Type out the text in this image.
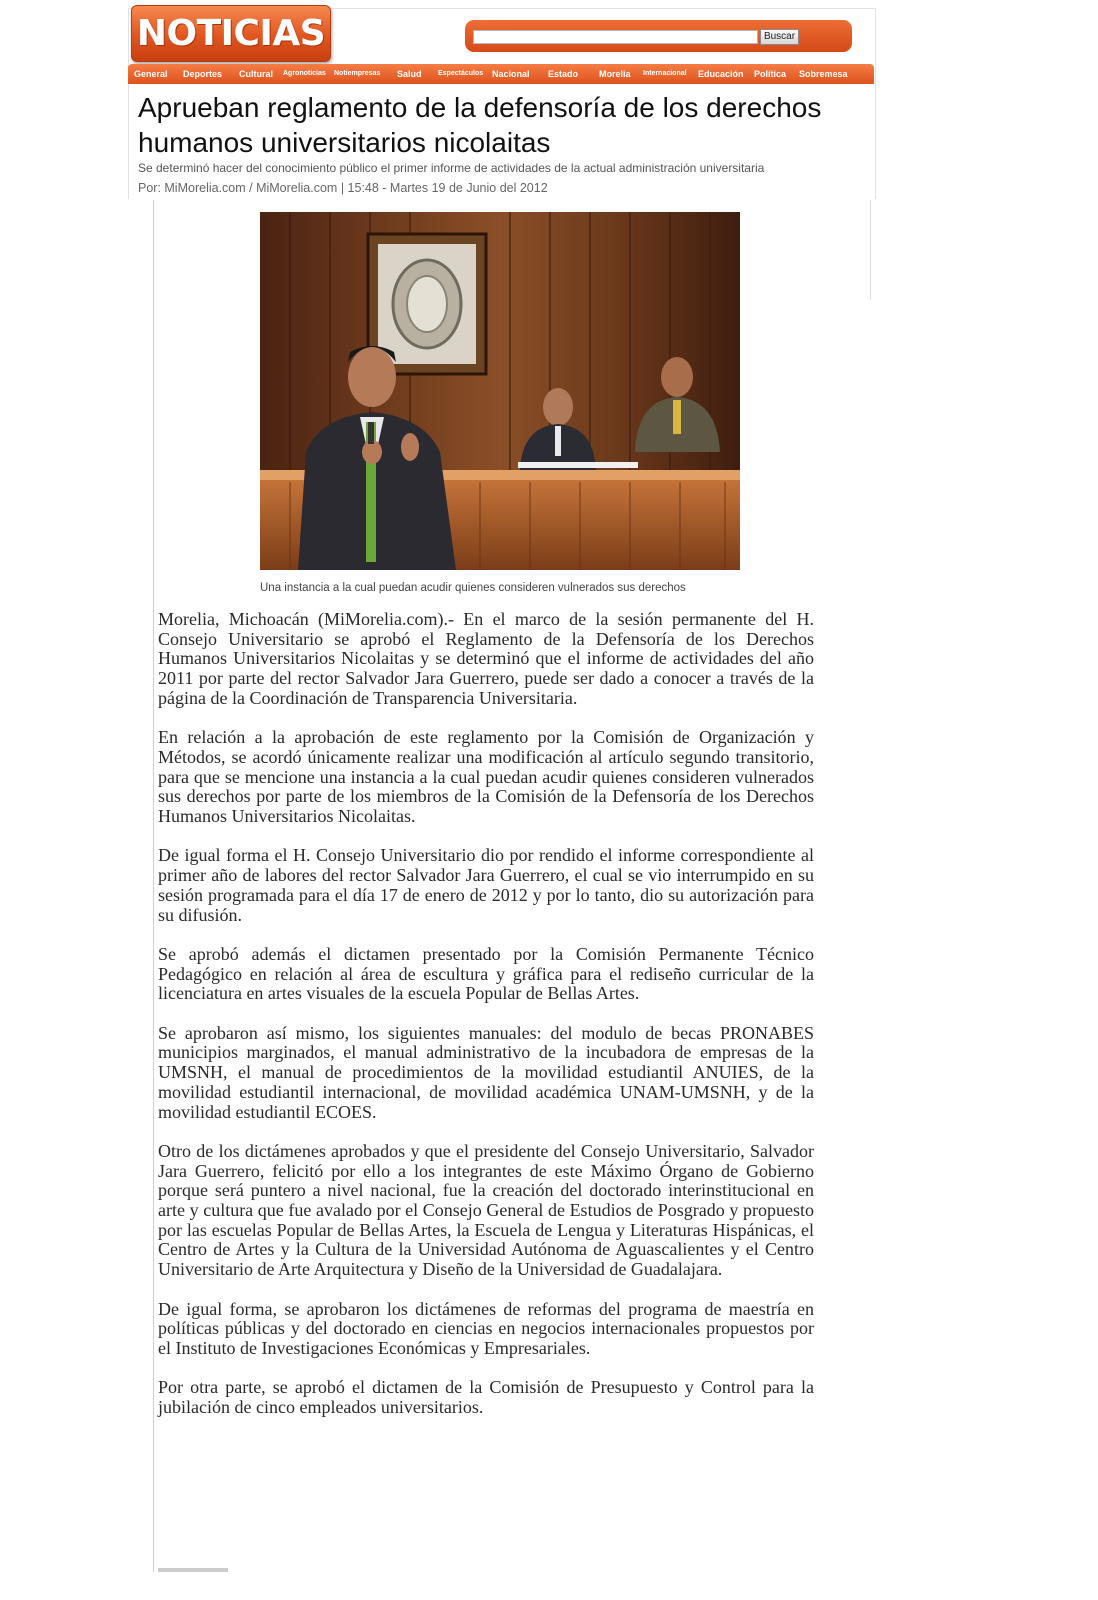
NOTICIAS	Buscar
General Deportes Cultural Agronoticias Notiempresas Salud Espectáculos Nacional Estado Morelia Internacional Educación Política Sobremesa
Aprueban reglamento de la defensoría de los derechos humanos universitarios nicolaitas
Se determinó hacer del conocimiento público el primer informe de actividades de la actual administración universitaria
Por: MiMorelia.com / MiMorelia.com | 15:48 - Martes 19 de Junio del 2012
Una instancia a la cual puedan acudir quienes consideren vulnerados sus derechos

Morelia, Michoacán (MiMorelia.com).- En el marco de la sesión permanente del H. Consejo Universitario se aprobó el Reglamento de la Defensoría de los Derechos Humanos Universitarios Nicolaitas y se determinó que el informe de actividades del año 2011 por parte del rector Salvador Jara Guerrero, puede ser dado a conocer a través de la página de la Coordinación de Transparencia Universitaria.

En relación a la aprobación de este reglamento por la Comisión de Organización y Métodos, se acordó únicamente realizar una modificación al artículo segundo transitorio, para que se mencione una instancia a la cual puedan acudir quienes consideren vulnerados sus derechos por parte de los miembros de la Comisión de la Defensoría de los Derechos Humanos Universitarios Nicolaitas.

De igual forma el H. Consejo Universitario dio por rendido el informe correspondiente al primer año de labores del rector Salvador Jara Guerrero, el cual se vio interrumpido en su sesión programada para el día 17 de enero de 2012 y por lo tanto, dio su autorización para su difusión.

Se aprobó además el dictamen presentado por la Comisión Permanente Técnico Pedagógico en relación al área de escultura y gráfica para el rediseño curricular de la licenciatura en artes visuales de la escuela Popular de Bellas Artes.

Se aprobaron así mismo, los siguientes manuales: del modulo de becas PRONABES municipios marginados, el manual administrativo de la incubadora de empresas de la UMSNH, el manual de procedimientos de la movilidad estudiantil ANUIES, de la movilidad estudiantil internacional, de movilidad académica UNAM-UMSNH, y de la movilidad estudiantil ECOES.

Otro de los dictámenes aprobados y que el presidente del Consejo Universitario, Salvador Jara Guerrero, felicitó por ello a los integrantes de este Máximo Órgano de Gobierno porque será puntero a nivel nacional, fue la creación del doctorado interinstitucional en arte y cultura que fue avalado por el Consejo General de Estudios de Posgrado y propuesto por las escuelas Popular de Bellas Artes, la Escuela de Lengua y Literaturas Hispánicas, el Centro de Artes y la Cultura de la Universidad Autónoma de Aguascalientes y el Centro Universitario de Arte Arquitectura y Diseño de la Universidad de Guadalajara.

De igual forma, se aprobaron los dictámenes de reformas del programa de maestría en políticas públicas y del doctorado en ciencias en negocios internacionales propuestos por el Instituto de Investigaciones Económicas y Empresariales.

Por otra parte, se aprobó el dictamen de la Comisión de Presupuesto y Control para la jubilación de cinco empleados universitarios.
